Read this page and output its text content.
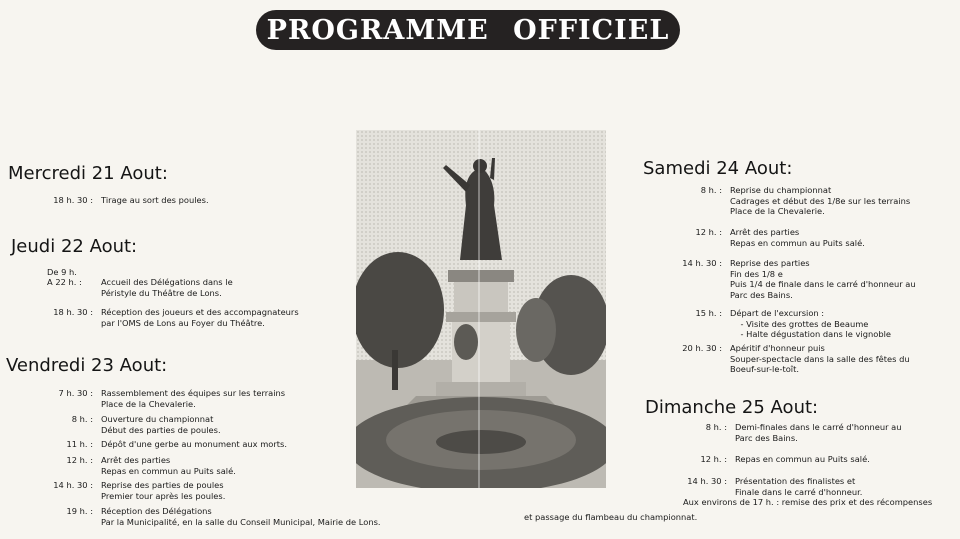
PROGRAMME OFFICIEL
Mercredi 21 Aout:
18 h. 30 : Tirage au sort des poules.
Jeudi 22 Aout:
De 9 h.
A 22 h. : Accueil des Délégations dans le
Péristyle du Théâtre de Lons.
18 h. 30 : Réception des joueurs et des accompagnateurs
par l'OMS de Lons au Foyer du Théâtre.
Vendredi 23 Aout:
7 h. 30 : Rassemblement des équipes sur les terrains
Place de la Chevalerie.
8 h. : Ouverture du championnat
Début des parties de poules.
11 h. : Dépôt d'une gerbe au monument aux morts.
12 h. : Arrêt des parties
Repas en commun au Puits salé.
14 h. 30 : Reprise des parties de poules
Premier tour après les poules.
19 h. : Réception des Délégations
Par la Municipalité, en la salle du Conseil Municipal, Mairie de Lons.
Samedi 24 Aout:
8 h. : Reprise du championnat
Cadrages et début des 1/8e sur les terrains
Place de la Chevalerie.
12 h. : Arrêt des parties
Repas en commun au Puits salé.
14 h. 30 : Reprise des parties
Fin des 1/8 e
Puis 1/4 de finale dans le carré d'honneur au
Parc des Bains.
15 h. : Départ de l'excursion :
- Visite des grottes de Beaume
- Halte dégustation dans le vignoble
20 h. 30 : Apéritif d'honneur puis
Souper-spectacle dans la salle des fêtes du
Boeuf-sur-le-toît.
Dimanche 25 Aout:
8 h. : Demi-finales dans le carré d'honneur au
Parc des Bains.
12 h. : Repas en commun au Puits salé.
14 h. 30 : Présentation des finalistes et
Finale dans le carré d'honneur.
Aux environs de 17 h. : remise des prix et des récompenses
et passage du flambeau du championnat.
